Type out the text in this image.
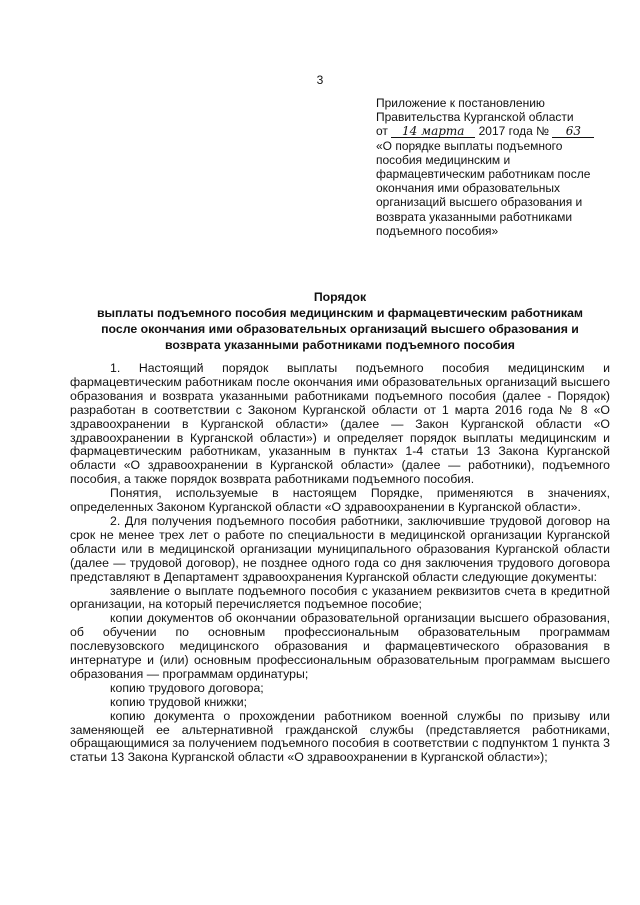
3
Приложение к постановлению
Правительства Курганской области
от 14 марта 2017 года № 63
«О порядке выплаты подъемного
пособия медицинским и
фармацевтическим работникам после
окончания ими образовательных
организаций высшего образования и
возврата указанными работниками
подъемного пособия»
Порядок
выплаты подъемного пособия медицинским и фармацевтическим работникам
после окончания ими образовательных организаций высшего образования и
возврата указанными работниками подъемного пособия

1. Настоящий порядок выплаты подъемного пособия медицинским и фармацевтическим работникам после окончания ими образовательных организаций высшего образования и возврата указанными работниками подъемного пособия (далее - Порядок) разработан в соответствии с Законом Курганской области от 1 марта 2016 года № 8 «О здравоохранении в Курганской области» (далее — Закон Курганской области «О здравоохранении в Курганской области») и определяет порядок выплаты медицинским и фармацевтическим работникам, указанным в пунктах 1-4 статьи 13 Закона Курганской области «О здравоохранении в Курганской области» (далее — работники), подъемного пособия, а также порядок возврата работниками подъемного пособия.

Понятия, используемые в настоящем Порядке, применяются в значениях, определенных Законом Курганской области «О здравоохранении в Курганской области».

2. Для получения подъемного пособия работники, заключившие трудовой договор на срок не менее трех лет о работе по специальности в медицинской организации Курганской области или в медицинской организации муниципального образования Курганской области (далее — трудовой договор), не позднее одного года со дня заключения трудового договора представляют в Департамент здравоохранения Курганской области следующие документы:

заявление о выплате подъемного пособия с указанием реквизитов счета в кредитной организации, на который перечисляется подъемное пособие;

копии документов об окончании образовательной организации высшего образования, об обучении по основным профессиональным образовательным программам послевузовского медицинского образования и фармацевтического образования в интернатуре и (или) основным профессиональным образовательным программам высшего образования — программам ординатуры;

копию трудового договора;

копию трудовой книжки;

копию документа о прохождении работником военной службы по призыву или заменяющей ее альтернативной гражданской службы (представляется работниками, обращающимися за получением подъемного пособия в соответствии с подпунктом 1 пункта 3 статьи 13 Закона Курганской области «О здравоохранении в Курганской области»);
